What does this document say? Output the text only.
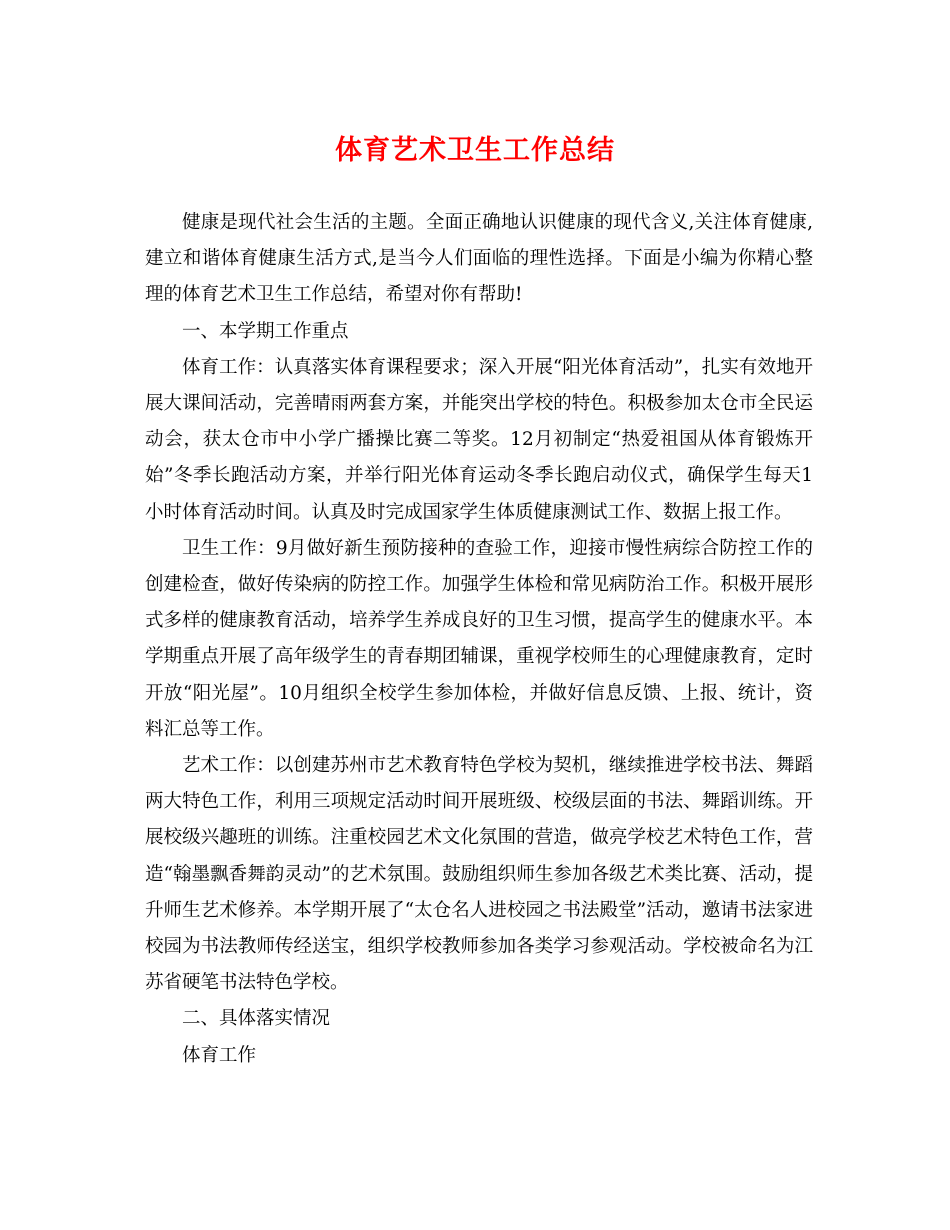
体育艺术卫生工作总结

健康是现代社会生活的主题。全面正确地认识健康的现代含义,关注体育健康,建立和谐体育健康生活方式,是当今人们面临的理性选择。下面是小编为你精心整理的体育艺术卫生工作总结，希望对你有帮助!

一、本学期工作重点

体育工作：认真落实体育课程要求；深入开展“阳光体育活动”，扎实有效地开展大课间活动，完善晴雨两套方案，并能突出学校的特色。积极参加太仓市全民运动会，获太仓市中小学广播操比赛二等奖。12月初制定“热爱祖国从体育锻炼开始”冬季长跑活动方案，并举行阳光体育运动冬季长跑启动仪式，确保学生每天1小时体育活动时间。认真及时完成国家学生体质健康测试工作、数据上报工作。

卫生工作：9月做好新生预防接种的查验工作，迎接市慢性病综合防控工作的创建检查，做好传染病的防控工作。加强学生体检和常见病防治工作。积极开展形式多样的健康教育活动，培养学生养成良好的卫生习惯，提高学生的健康水平。本学期重点开展了高年级学生的青春期团辅课，重视学校师生的心理健康教育，定时开放“阳光屋”。10月组织全校学生参加体检，并做好信息反馈、上报、统计，资料汇总等工作。

艺术工作：以创建苏州市艺术教育特色学校为契机，继续推进学校书法、舞蹈两大特色工作，利用三项规定活动时间开展班级、校级层面的书法、舞蹈训练。开展校级兴趣班的训练。注重校园艺术文化氛围的营造，做亮学校艺术特色工作，营造“翰墨飘香舞韵灵动”的艺术氛围。鼓励组织师生参加各级艺术类比赛、活动，提升师生艺术修养。本学期开展了“太仓名人进校园之书法殿堂”活动，邀请书法家进校园为书法教师传经送宝，组织学校教师参加各类学习参观活动。学校被命名为江苏省硬笔书法特色学校。

二、具体落实情况

体育工作
